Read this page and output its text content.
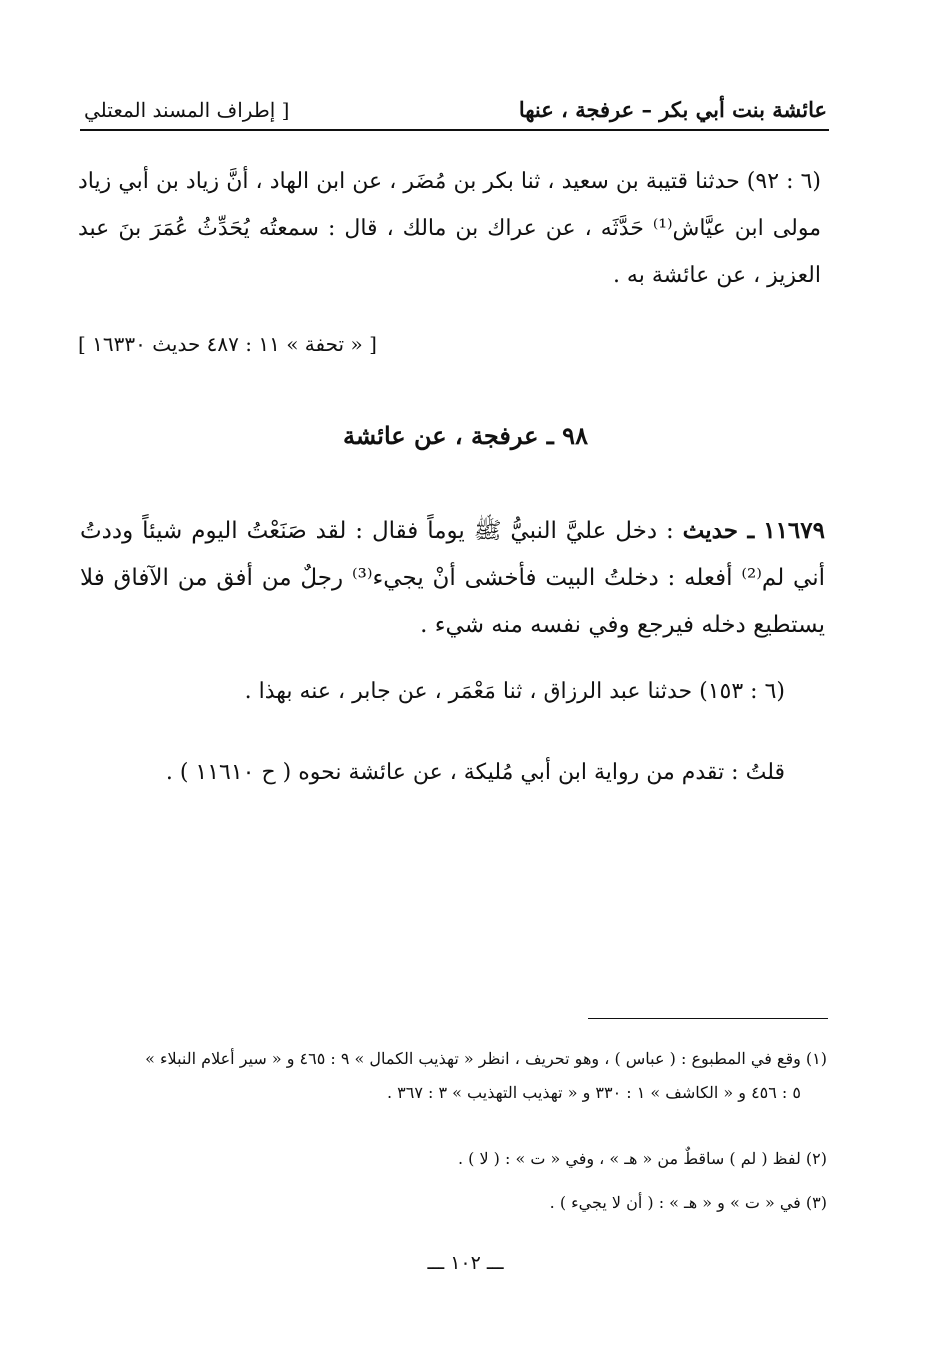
عائشة بنت أبي بكر – عرفجة ، عنها
[ إطراف المسند المعتلي
(٦ : ٩٢) حدثنا قتيبة بن سعيد ، ثنا بكر بن مُضَر ، عن ابن الهاد ، أنَّ زياد بن أبي زياد مولى ابن عيَّاش⁽¹⁾ حَدَّثَه ، عن عراك بن مالك ، قال : سمعتُه يُحَدِّثُ عُمَرَ بنَ عبد العزيز ، عن عائشة به .
[ « تحفة » ١١ : ٤٨٧ حديث ١٦٣٣٠ ]
٩٨ ـ عرفجة ، عن عائشة
١١٦٧٩ ـ حديث : دخل عليَّ النبيُّ ﷺ يوماً فقال : لقد صَنَعْتُ اليوم شيئاً وددتُ أني لم⁽²⁾ أفعله : دخلتُ البيت فأخشى أنْ يجيء⁽³⁾ رجلٌ من أفق من الآفاق فلا يستطيع دخله فيرجع وفي نفسه منه شيء .
(٦ : ١٥٣) حدثنا عبد الرزاق ، ثنا مَعْمَر ، عن جابر ، عنه بهذا .
قلتُ : تقدم من رواية ابن أبي مُليكة ، عن عائشة نحوه ( ح ١١٦١٠ ) .
(١) وقع في المطبوع : ( عباس ) ، وهو تحريف ، انظر « تهذيب الكمال » ٩ : ٤٦٥ و « سير أعلام النبلاء »
٥ : ٤٥٦ و « الكاشف » ١ : ٣٣٠ و « تهذيب التهذيب » ٣ : ٣٦٧ .
(٢) لفظ ( لم ) ساقطٌ من « هـ » ، وفي « ت » : ( لا ) .
(٣) في « ت » و « هـ » : ( أن لا يجيء ) .
ـــ ١٠٢ ـــ
